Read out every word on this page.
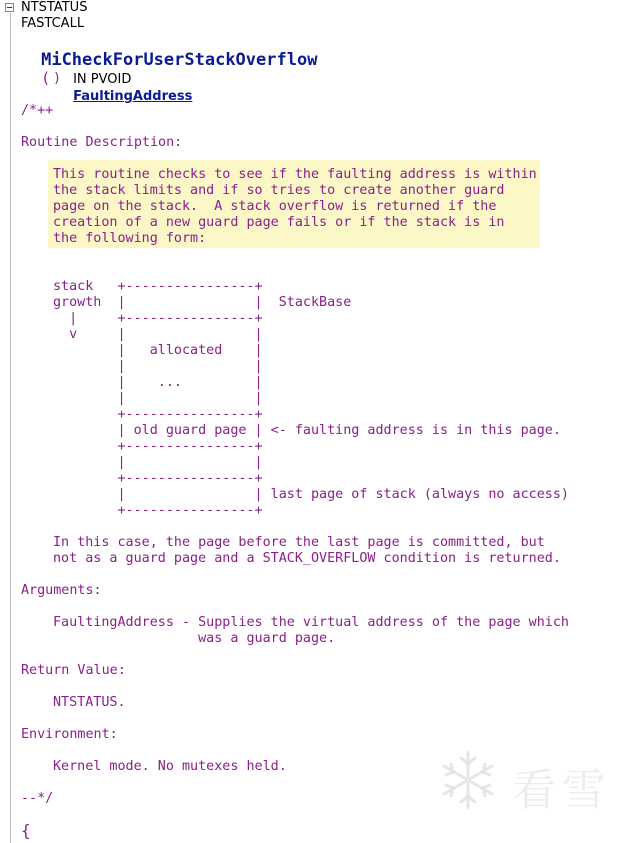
NTSTATUS
FASTCALL

MiCheckForUserStackOverflow
(
	IN PVOID
FaultingAddress

)
/*++
Routine Description:
This routine checks to see if the faulting address is within
the stack limits and if so tries to create another guard
page on the stack.  A stack overflow is returned if the
creation of a new guard page fails or if the stack is in
the following form:
stack   +----------------+
growth  |                |  StackBase
|     +----------------+
v     |                |
|   allocated    |
|                |
|    ...         |
|                |
+----------------+
| old guard page | <- faulting address is in this page.
+----------------+
|                |
+----------------+
|                | last page of stack (always no access)
+----------------+
In this case, the page before the last page is committed, but
not as a guard page and a STACK_OVERFLOW condition is returned.
Arguments:
FaultingAddress - Supplies the virtual address of the page which
was a guard page.
Return Value:
NTSTATUS.
Environment:
Kernel mode. No mutexes held.
--*/
{
看雪
